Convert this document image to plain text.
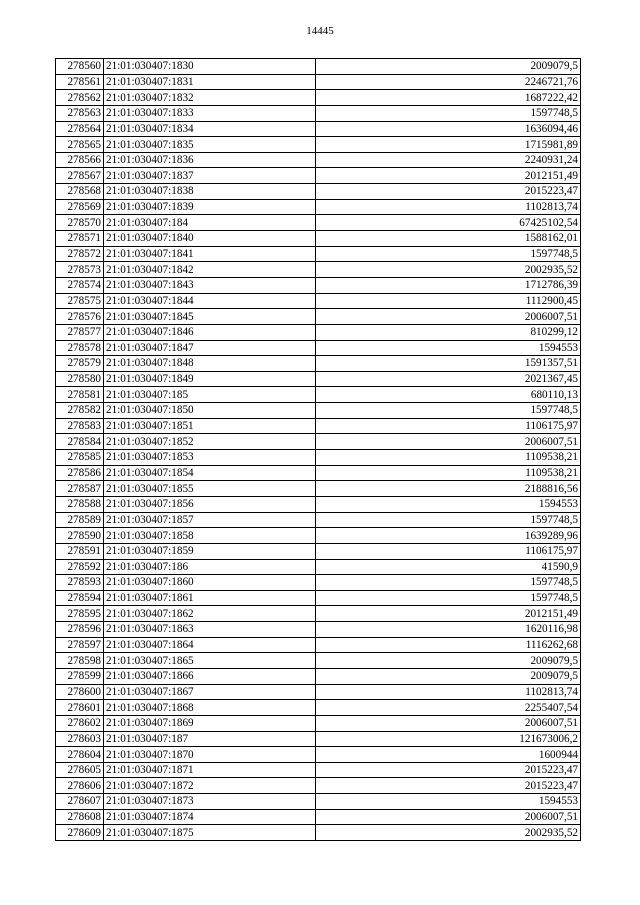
14445
278560	21:01:030407:1830	2009079,5
278561	21:01:030407:1831	2246721,76
278562	21:01:030407:1832	1687222,42
278563	21:01:030407:1833	1597748,5
278564	21:01:030407:1834	1636094,46
278565	21:01:030407:1835	1715981,89
278566	21:01:030407:1836	2240931,24
278567	21:01:030407:1837	2012151,49
278568	21:01:030407:1838	2015223,47
278569	21:01:030407:1839	1102813,74
278570	21:01:030407:184	67425102,54
278571	21:01:030407:1840	1588162,01
278572	21:01:030407:1841	1597748,5
278573	21:01:030407:1842	2002935,52
278574	21:01:030407:1843	1712786,39
278575	21:01:030407:1844	1112900,45
278576	21:01:030407:1845	2006007,51
278577	21:01:030407:1846	810299,12
278578	21:01:030407:1847	1594553
278579	21:01:030407:1848	1591357,51
278580	21:01:030407:1849	2021367,45
278581	21:01:030407:185	680110,13
278582	21:01:030407:1850	1597748,5
278583	21:01:030407:1851	1106175,97
278584	21:01:030407:1852	2006007,51
278585	21:01:030407:1853	1109538,21
278586	21:01:030407:1854	1109538,21
278587	21:01:030407:1855	2188816,56
278588	21:01:030407:1856	1594553
278589	21:01:030407:1857	1597748,5
278590	21:01:030407:1858	1639289,96
278591	21:01:030407:1859	1106175,97
278592	21:01:030407:186	41590,9
278593	21:01:030407:1860	1597748,5
278594	21:01:030407:1861	1597748,5
278595	21:01:030407:1862	2012151,49
278596	21:01:030407:1863	1620116,98
278597	21:01:030407:1864	1116262,68
278598	21:01:030407:1865	2009079,5
278599	21:01:030407:1866	2009079,5
278600	21:01:030407:1867	1102813,74
278601	21:01:030407:1868	2255407,54
278602	21:01:030407:1869	2006007,51
278603	21:01:030407:187	121673006,2
278604	21:01:030407:1870	1600944
278605	21:01:030407:1871	2015223,47
278606	21:01:030407:1872	2015223,47
278607	21:01:030407:1873	1594553
278608	21:01:030407:1874	2006007,51
278609	21:01:030407:1875	2002935,52
